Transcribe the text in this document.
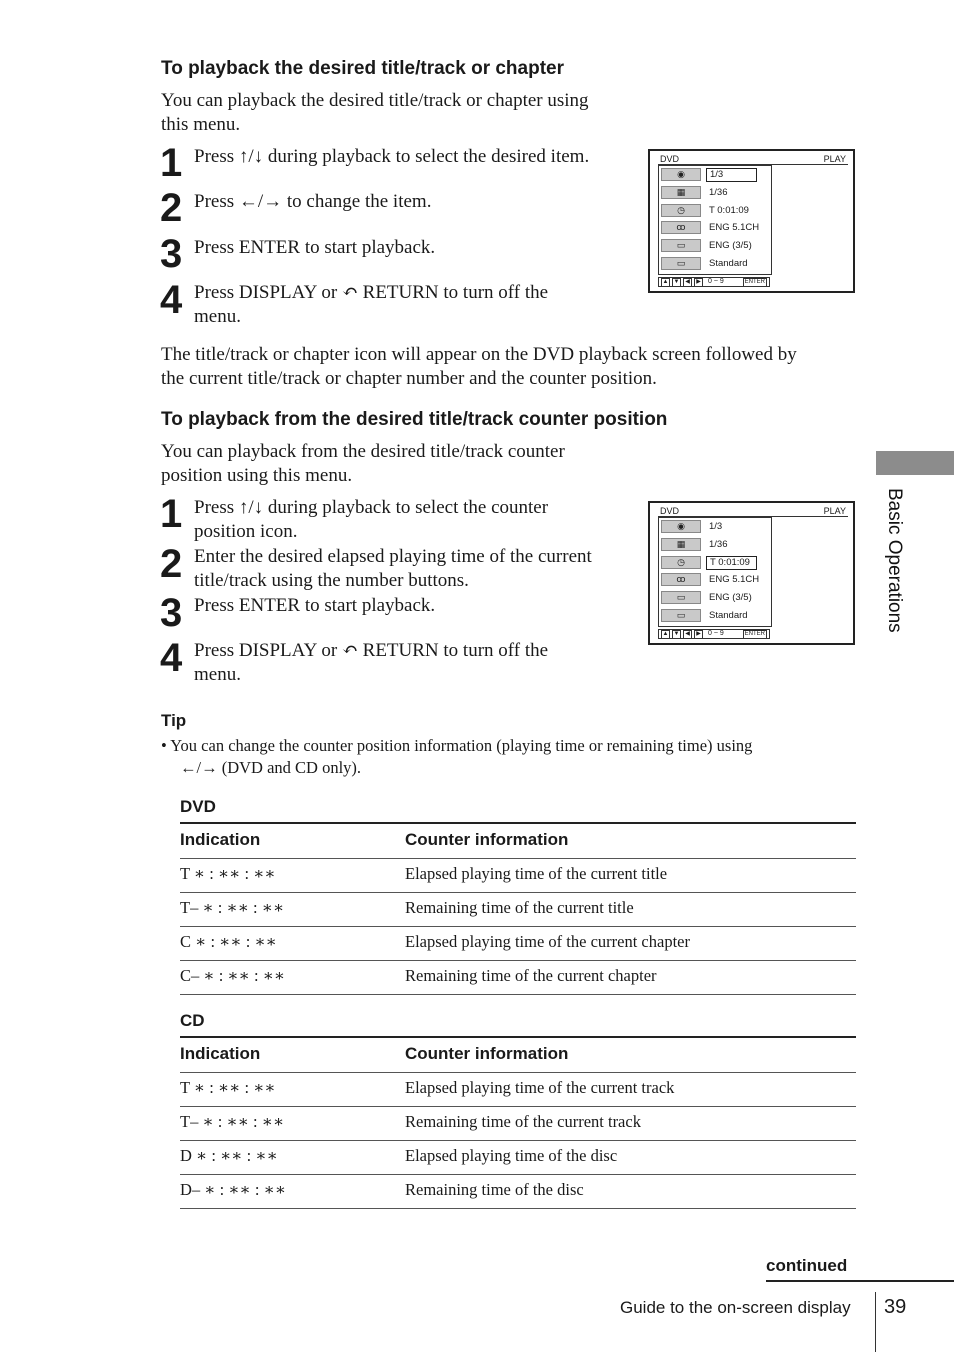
To playback the desired title/track or chapter
You can playback the desired title/track or chapter using
this menu.
1 Press ↑/↓ during playback to select the desired item.
2 Press ←/→ to change the item.
3 Press ENTER to start playback.
4 Press DISPLAY or ↶ RETURN to turn off the
menu.
DVD	PLAY
◉	1/3
▦	1/36
◷	T 0:01:09
ꝏ	ENG 5.1CH
▭	ENG (3/5)
▭	Standard
▲ ▼ ◀	▶	0 ~ 9	ENTER
The title/track or chapter icon will appear on the DVD playback screen followed by
the current title/track or chapter number and the counter position.
To playback from the desired title/track counter position
You can playback from the desired title/track counter
position using this menu.
1 Press ↑/↓ during playback to select the counter
position icon.
2 Enter the desired elapsed playing time of the current
title/track using the number buttons.
3 Press ENTER to start playback.
4 Press DISPLAY or ↶ RETURN to turn off the
menu.
DVD	PLAY
◉	1/3
▦	1/36
◷	T 0:01:09
ꝏ	ENG 5.1CH
▭	ENG (3/5)
▭	Standard
▲ ▼ ◀	▶	0 ~ 9	ENTER
Basic Operations
Tip
• You can change the counter position information (playing time or remaining time) using
←/→ (DVD and CD only).
DVD
Indication	Counter information
T ∗ : ∗∗ : ∗∗	Elapsed playing time of the current title
T– ∗ : ∗∗ : ∗∗	Remaining time of the current title
C ∗ : ∗∗ : ∗∗	Elapsed playing time of the current chapter
C– ∗ : ∗∗ : ∗∗	Remaining time of the current chapter
CD
Indication	Counter information
T ∗ : ∗∗ : ∗∗	Elapsed playing time of the current track
T– ∗ : ∗∗ : ∗∗	Remaining time of the current track
D ∗ : ∗∗ : ∗∗	Elapsed playing time of the disc
D– ∗ : ∗∗ : ∗∗	Remaining time of the disc
continued
Guide to the on-screen display 39
